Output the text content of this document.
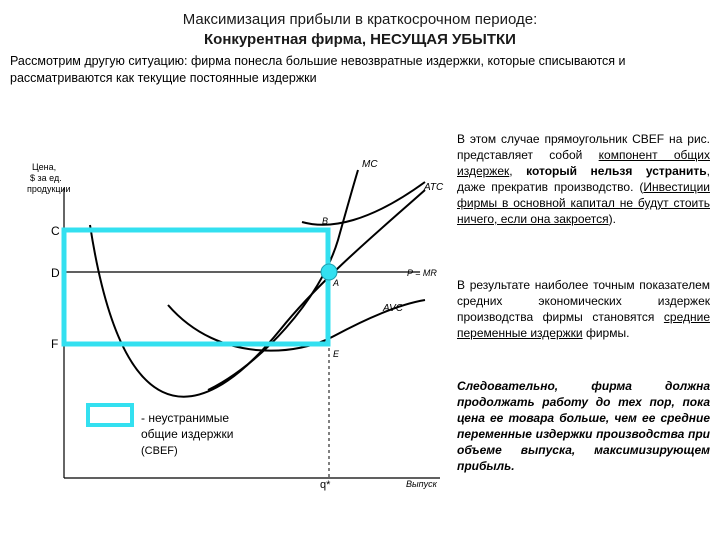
Максимизация прибыли в краткосрочном периоде:
Конкурентная фирма, НЕСУЩАЯ УБЫТКИ
Рассмотрим другую ситуацию: фирма понесла большие невозвратные издержки, которые списываются и рассматриваются как текущие постоянные издержки
Цена,
$ за ед.
продукции
P = MR
MC
ATC
AVC
B
A
E
C
D
F
q*	Выпуск
- неустранимые
общие издержки
(CBEF)
В этом случае прямоугольник CBEF на рис. представляет собой компонент общих издержек, который нельзя устранить, даже прекратив производство. (Инвестиции фирмы в основной капитал не будут стоить ничего, если она закроется).
В результате наиболее точным показателем средних экономических издержек производства фирмы становятся средние переменные издержки фирмы.
Следовательно, фирма должна продолжать работу до тех пор, пока цена ее товара больше, чем ее средние переменные издержки производства при объеме выпуска, максимизирующем прибыль.
